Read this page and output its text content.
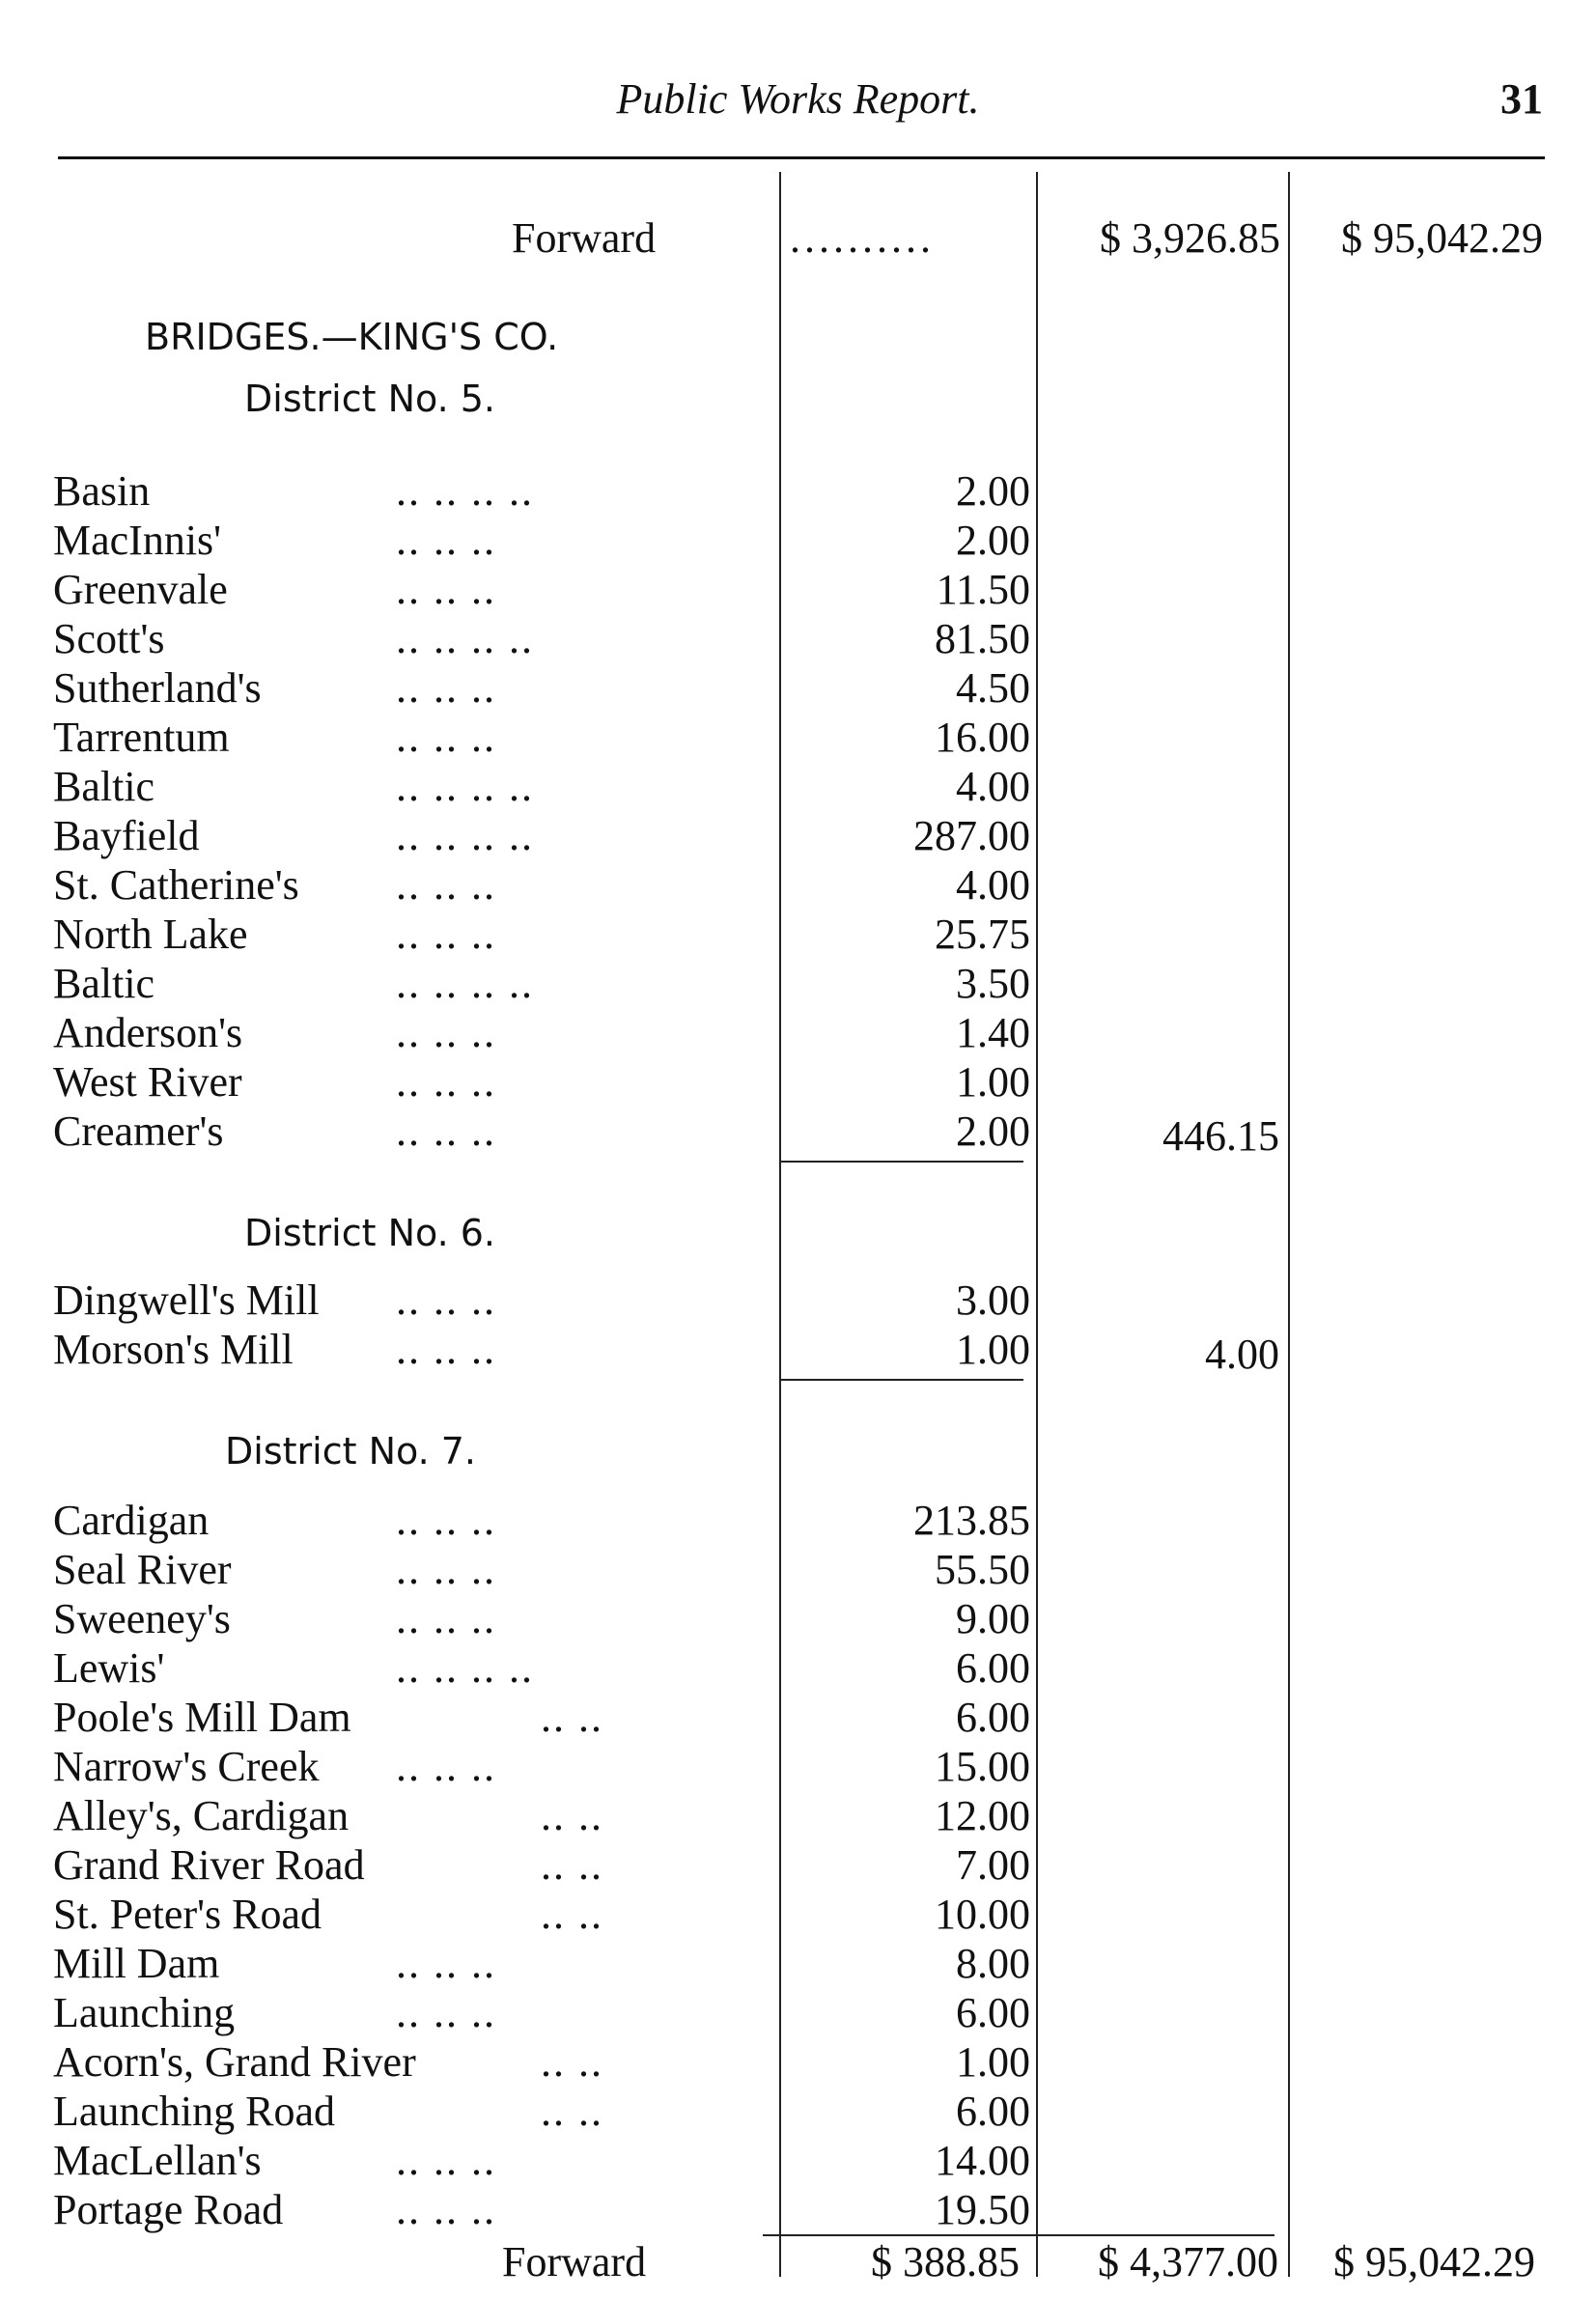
Public Works Report.	31
Forward	..........	$ 3,926.85	$ 95,042.29
BRIDGES.—KING'S CO.
District No. 5.
Basin	.. .. .. ..	2.00
MacInnis'	.. .. ..	2.00
Greenvale	.. .. ..	11.50
Scott's	.. .. .. ..	81.50
Sutherland's	.. .. ..	4.50
Tarrentum	.. .. ..	16.00
Baltic	.. .. .. ..	4.00
Bayfield	.. .. .. ..	287.00
St. Catherine's .. .. ..	4.00
North Lake	.. .. ..	25.75
Baltic	.. .. .. ..	3.50
Anderson's	.. .. ..	1.40
West River	.. .. ..	1.00
Creamer's	.. .. ..	2.00	446.15
District No. 6.
Dingwell's Mill .. .. ..	3.00
Morson's Mill .. .. ..	1.00	4.00
District No. 7.
Cardigan	.. .. ..	213.85
Seal River	.. .. ..	55.50
Sweeney's	.. .. ..	9.00
Lewis'	.. .. .. ..	6.00
Poole's Mill Dam	.. ..	6.00
Narrow's Creek .. .. ..	15.00
Alley's, Cardigan	.. ..	12.00
Grand River Road	.. ..	7.00
St. Peter's Road	.. ..	10.00
Mill Dam	.. .. ..	8.00
Launching	.. .. ..	6.00
Acorn's, Grand River	.. ..	1.00
Launching Road	.. ..	6.00
MacLellan's	.. .. ..	14.00
Portage Road	.. .. ..	19.50
Forward	$ 388.85	$ 4,377.00	$ 95,042.29
